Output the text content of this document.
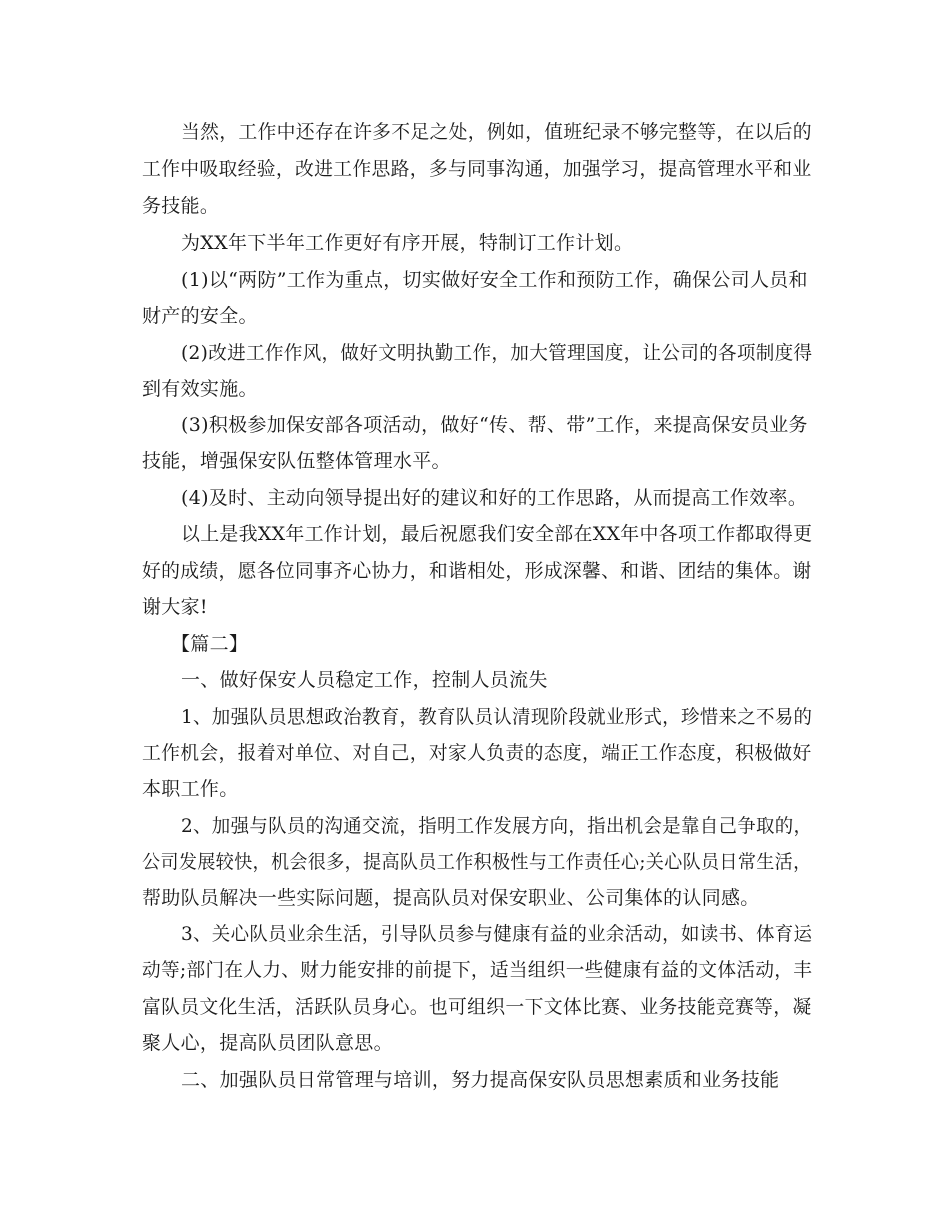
当然，工作中还存在许多不足之处，例如，值班纪录不够完整等，在以后的
工作中吸取经验，改进工作思路，多与同事沟通，加强学习，提高管理水平和业
务技能。
为XX年下半年工作更好有序开展，特制订工作计划。
(1)以“两防”工作为重点，切实做好安全工作和预防工作，确保公司人员和
财产的安全。
(2)改进工作作风，做好文明执勤工作，加大管理国度，让公司的各项制度得
到有效实施。
(3)积极参加保安部各项活动，做好“传、帮、带”工作，来提高保安员业务
技能，增强保安队伍整体管理水平。
(4)及时、主动向领导提出好的建议和好的工作思路，从而提高工作效率。
以上是我XX年工作计划，最后祝愿我们安全部在XX年中各项工作都取得更
好的成绩，愿各位同事齐心协力，和谐相处，形成深馨、和谐、团结的集体。谢
谢大家!
【篇二】
一、做好保安人员稳定工作，控制人员流失
1、加强队员思想政治教育，教育队员认清现阶段就业形式，珍惜来之不易的
工作机会，报着对单位、对自己，对家人负责的态度，端正工作态度，积极做好
本职工作。
2、加强与队员的沟通交流，指明工作发展方向，指出机会是靠自己争取的，
公司发展较快，机会很多，提高队员工作积极性与工作责任心;关心队员日常生活，
帮助队员解决一些实际问题，提高队员对保安职业、公司集体的认同感。
3、关心队员业余生活，引导队员参与健康有益的业余活动，如读书、体育运
动等;部门在人力、财力能安排的前提下，适当组织一些健康有益的文体活动，丰
富队员文化生活，活跃队员身心。也可组织一下文体比赛、业务技能竞赛等，凝
聚人心，提高队员团队意思。
二、加强队员日常管理与培训，努力提高保安队员思想素质和业务技能
